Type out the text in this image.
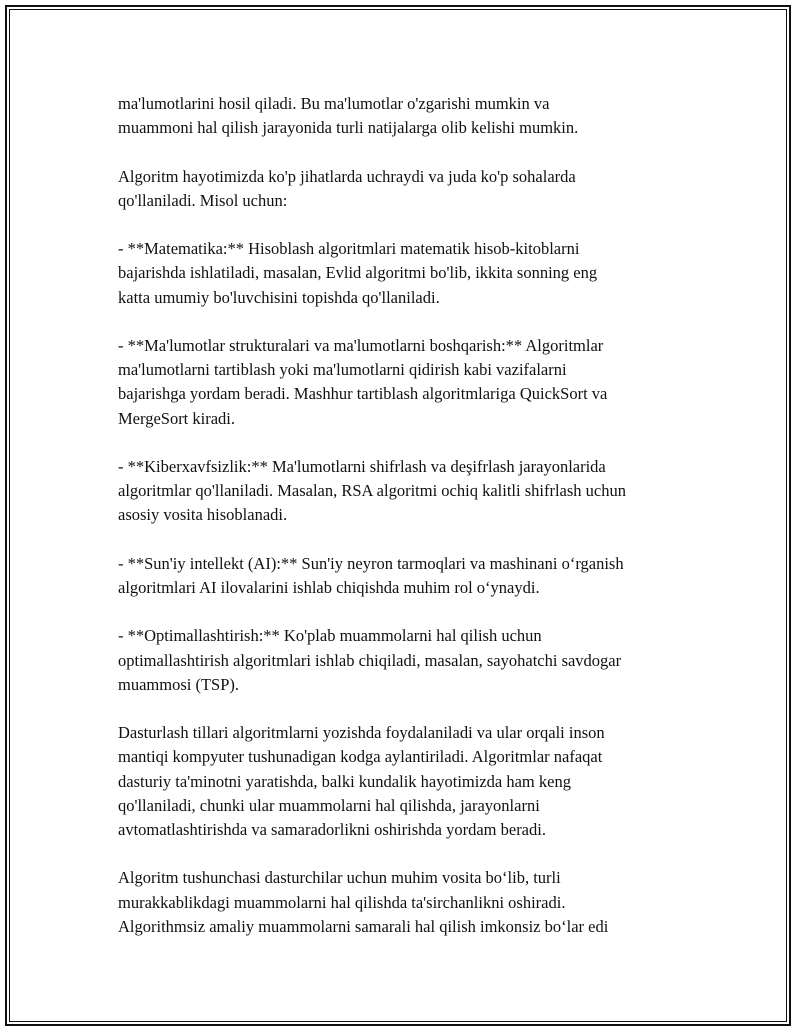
ma'lumotlarini hosil qiladi. Bu ma'lumotlar o'zgarishi mumkin va
muammoni hal qilish jarayonida turli natijalarga olib kelishi mumkin.

Algoritm hayotimizda ko'p jihatlarda uchraydi va juda ko'p sohalarda
qo'llaniladi. Misol uchun:

- **Matematika:** Hisoblash algoritmlari matematik hisob-kitoblarni
bajarishda ishlatiladi, masalan, Evlid algoritmi bo'lib, ikkita sonning eng
katta umumiy bo'luvchisini topishda qo'llaniladi.

- **Ma'lumotlar strukturalari va ma'lumotlarni boshqarish:** Algoritmlar
ma'lumotlarni tartiblash yoki ma'lumotlarni qidirish kabi vazifalarni
bajarishga yordam beradi. Mashhur tartiblash algoritmlariga QuickSort va
MergeSort kiradi.

- **Kiberxavfsizlik:** Ma'lumotlarni shifrlash va deşifrlash jarayonlarida
algoritmlar qo'llaniladi. Masalan, RSA algoritmi ochiq kalitli shifrlash uchun
asosiy vosita hisoblanadi.

- **Sun'iy intellekt (AI):** Sun'iy neyron tarmoqlari va mashinani o‘rganish
algoritmlari AI ilovalarini ishlab chiqishda muhim rol o‘ynaydi.

- **Optimallashtirish:** Ko'plab muammolarni hal qilish uchun
optimallashtirish algoritmlari ishlab chiqiladi, masalan, sayohatchi savdogar
muammosi (TSP).

Dasturlash tillari algoritmlarni yozishda foydalaniladi va ular orqali inson
mantiqi kompyuter tushunadigan kodga aylantiriladi. Algoritmlar nafaqat
dasturiy ta'minotni yaratishda, balki kundalik hayotimizda ham keng
qo'llaniladi, chunki ular muammolarni hal qilishda, jarayonlarni
avtomatlashtirishda va samaradorlikni oshirishda yordam beradi.

Algoritm tushunchasi dasturchilar uchun muhim vosita bo‘lib, turli
murakkablikdagi muammolarni hal qilishda ta'sirchanlikni oshiradi.
Algorithmsiz amaliy muammolarni samarali hal qilish imkonsiz bo‘lar edi
